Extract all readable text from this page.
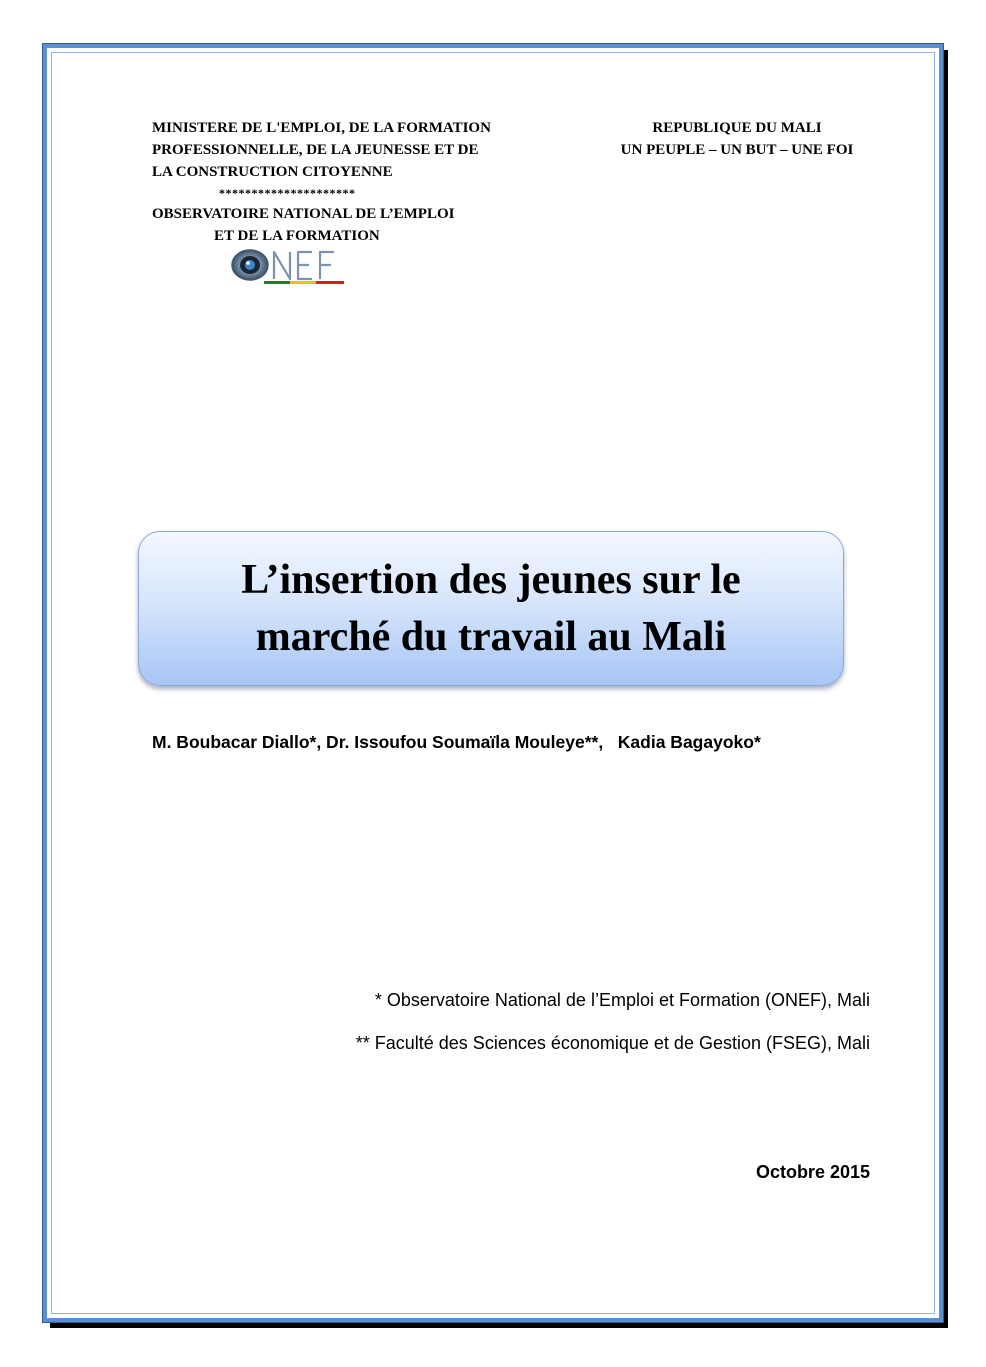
MINISTERE DE L'EMPLOI, DE LA FORMATION
PROFESSIONNELLE, DE LA JEUNESSE ET DE
LA CONSTRUCTION CITOYENNE
*********************
OBSERVATOIRE NATIONAL DE L’EMPLOI
ET DE LA FORMATION
REPUBLIQUE DU MALI
UN PEUPLE – UN BUT – UNE FOI
L’insertion des jeunes sur le
marché du travail au Mali
M. Boubacar Diallo*, Dr. Issoufou Soumaïla Mouleye**,   Kadia Bagayoko*
* Observatoire National de l’Emploi et Formation (ONEF), Mali
** Faculté des Sciences économique et de Gestion (FSEG), Mali
Octobre 2015
